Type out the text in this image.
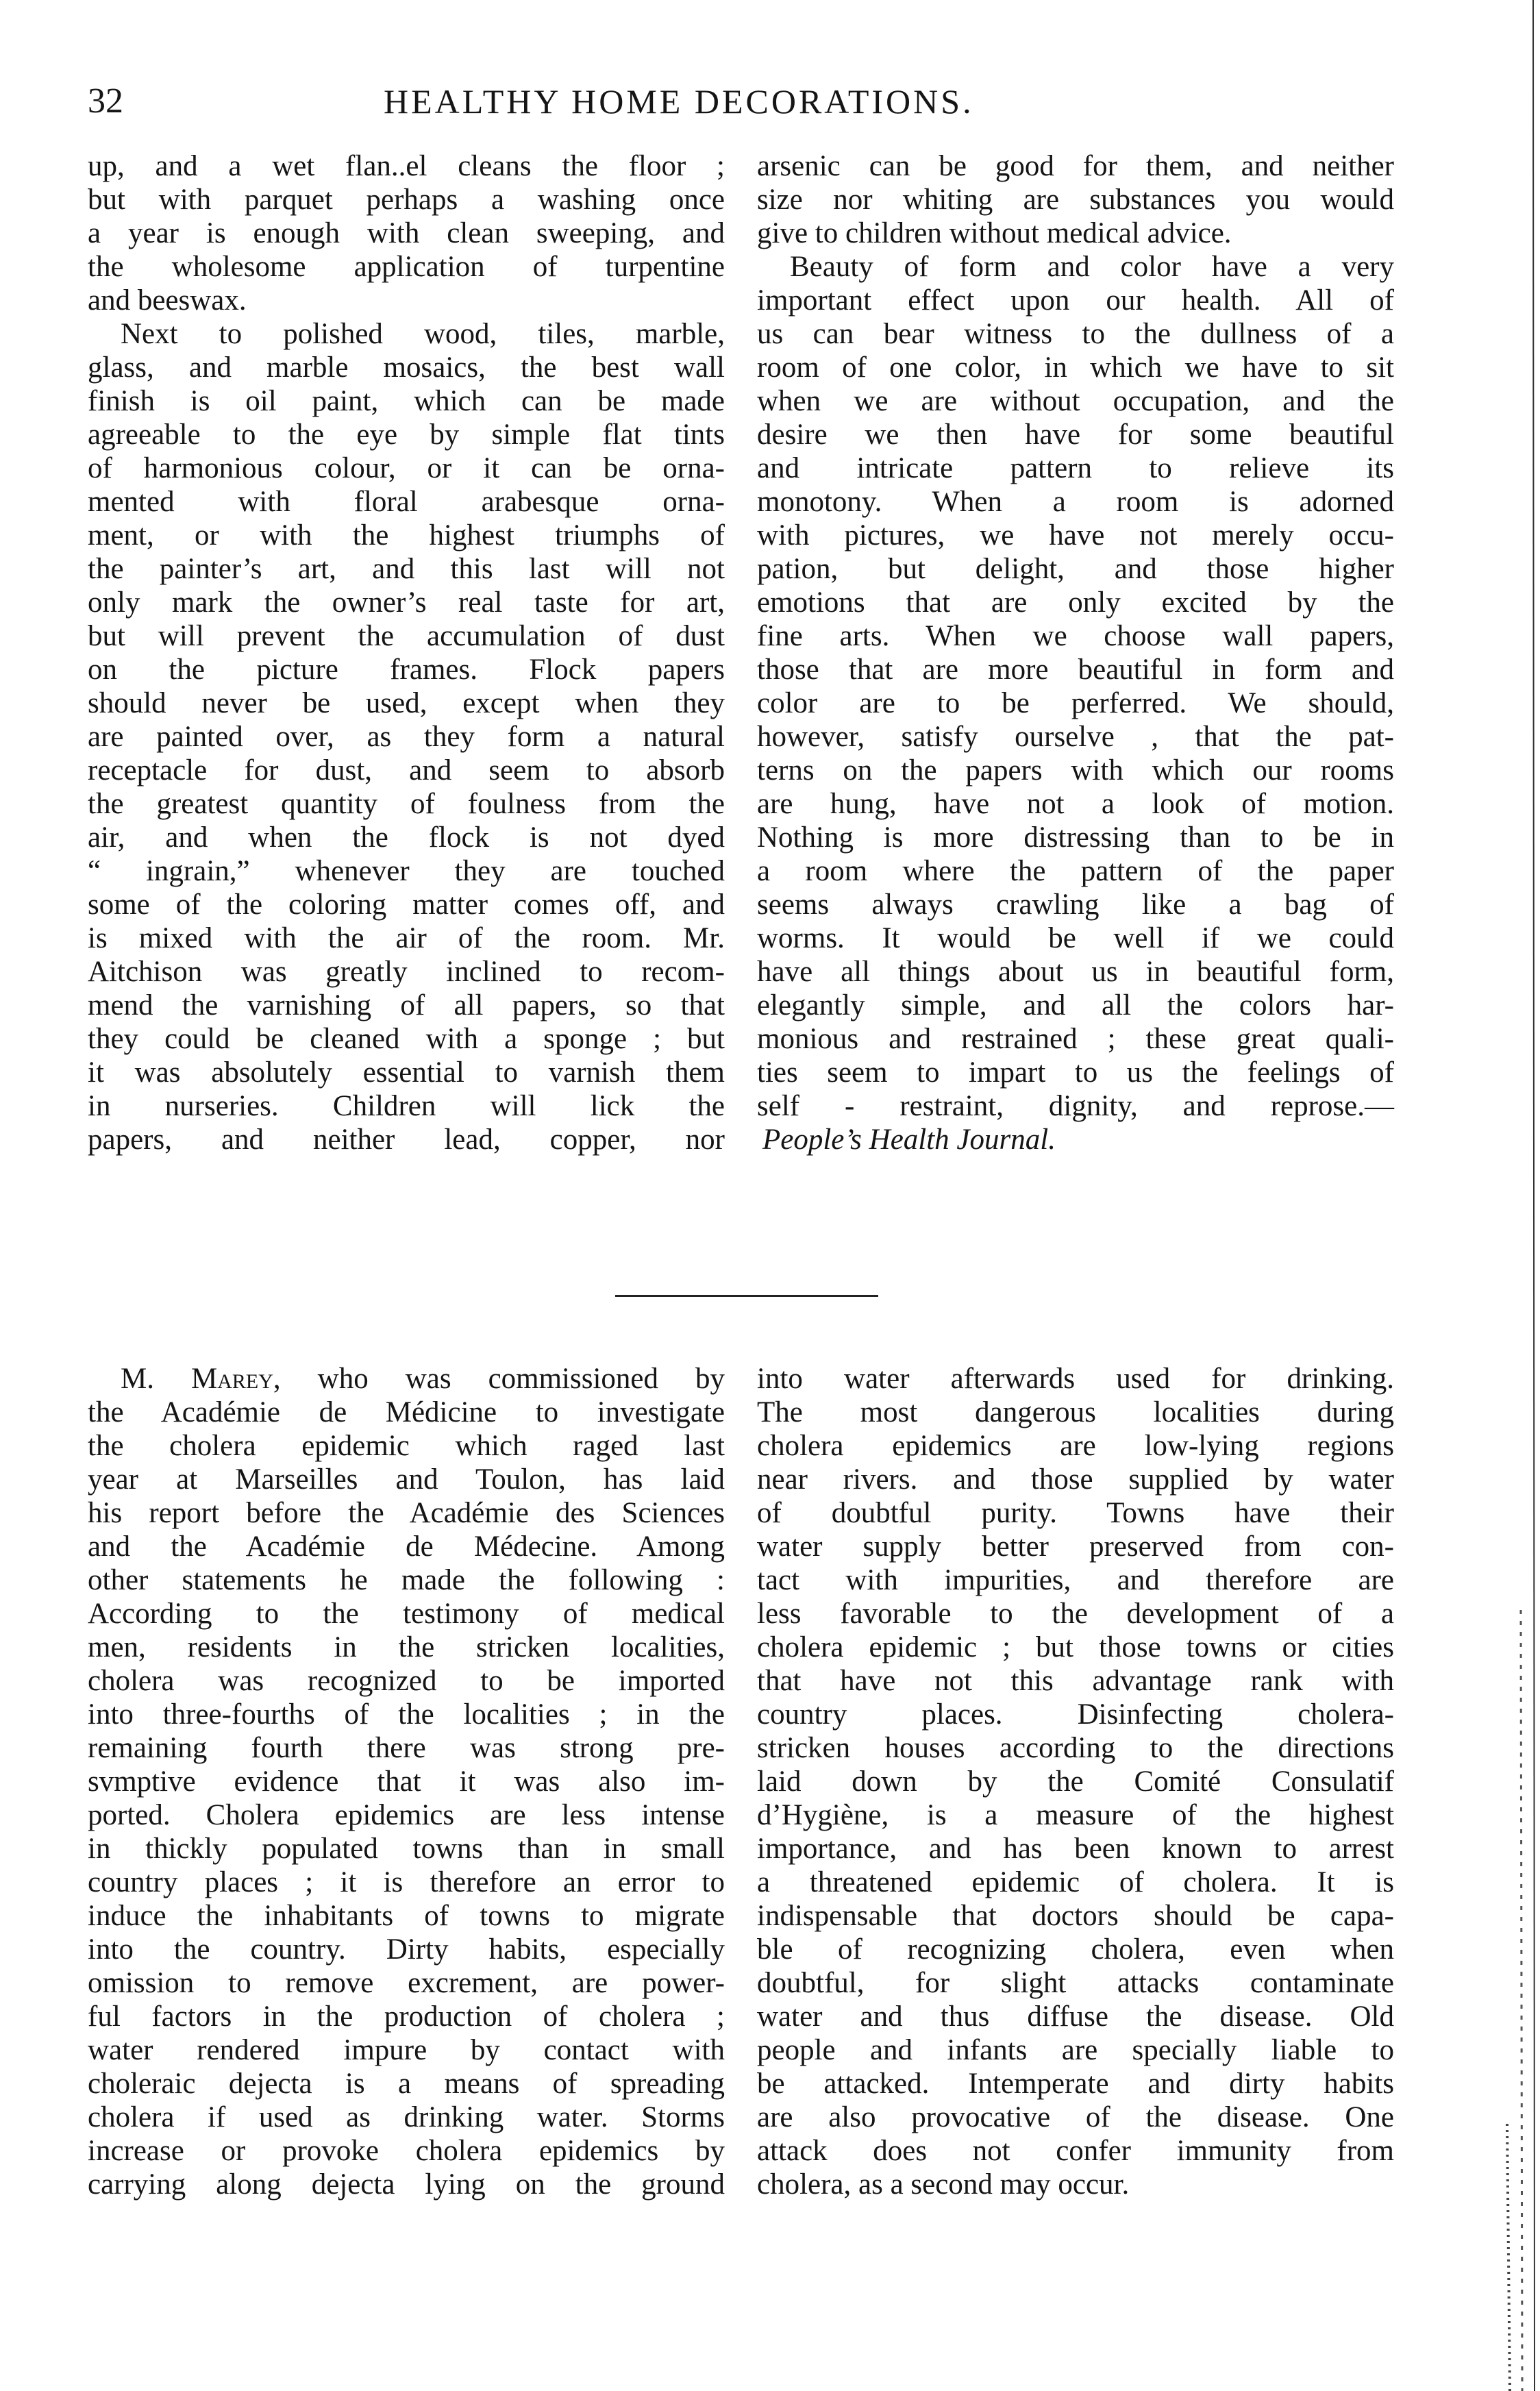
32	HEALTHY HOME DECORATIONS.
up, and a wet flan..el cleans the floor ;
but with parquet perhaps a washing once
a year is enough with clean sweeping, and
the wholesome application of turpentine
and beeswax.
Next to polished wood, tiles, marble,
glass, and marble mosaics, the best wall
finish is oil paint, which can be made
agreeable to the eye by simple flat tints
of harmonious colour, or it can be orna-
mented with floral arabesque orna-
ment, or with the highest triumphs of
the painter’s art, and this last will not
only mark the owner’s real taste for art,
but will prevent the accumulation of dust
on the picture frames. Flock papers
should never be used, except when they
are painted over, as they form a natural
receptacle for dust, and seem to absorb
the greatest quantity of foulness from the
air, and when the flock is not dyed
“ ingrain,” whenever they are touched
some of the coloring matter comes off, and
is mixed with the air of the room. Mr.
Aitchison was greatly inclined to recom-
mend the varnishing of all papers, so that
they could be cleaned with a sponge ; but
it was absolutely essential to varnish them
in nurseries. Children will lick the
papers, and neither lead, copper, nor
arsenic can be good for them, and neither
size nor whiting are substances you would
give to children without medical advice.
Beauty of form and color have a very
important effect upon our health. All of
us can bear witness to the dullness of a
room of one color, in which we have to sit
when we are without occupation, and the
desire we then have for some beautiful
and intricate pattern to relieve its
monotony. When a room is adorned
with pictures, we have not merely occu-
pation, but delight, and those higher
emotions that are only excited by the
fine arts. When we choose wall papers,
those that are more beautiful in form and
color are to be perferred. We should,
however, satisfy ourselve , that the pat-
terns on the papers with which our rooms
are hung, have not a look of motion.
Nothing is more distressing than to be in
a room where the pattern of the paper
seems always crawling like a bag of
worms. It would be well if we could
have all things about us in beautiful form,
elegantly simple, and all the colors har-
monious and restrained ; these great quali-
ties seem to impart to us the feelings of
self - restraint, dignity, and reprose.—
People’s Health Journal.
M. Marey, who was commissioned by
the Académie de Médicine to investigate
the cholera epidemic which raged last
year at Marseilles and Toulon, has laid
his report before the Académie des Sciences
and the Académie de Médecine. Among
other statements he made the following :
According to the testimony of medical
men, residents in the stricken localities,
cholera was recognized to be imported
into three-fourths of the localities ; in the
remaining fourth there was strong pre-
svmptive evidence that it was also im-
ported. Cholera epidemics are less intense
in thickly populated towns than in small
country places ; it is therefore an error to
induce the inhabitants of towns to migrate
into the country. Dirty habits, especially
omission to remove excrement, are power-
ful factors in the production of cholera ;
water rendered impure by contact with
choleraic dejecta is a means of spreading
cholera if used as drinking water. Storms
increase or provoke cholera epidemics by
carrying along dejecta lying on the ground
into water afterwards used for drinking.
The most dangerous localities during
cholera epidemics are low-lying regions
near rivers. and those supplied by water
of doubtful purity. Towns have their
water supply better preserved from con-
tact with impurities, and therefore are
less favorable to the development of a
cholera epidemic ; but those towns or cities
that have not this advantage rank with
country places. Disinfecting cholera-
stricken houses according to the directions
laid down by the Comité Consulatif
d’Hygiène, is a measure of the highest
importance, and has been known to arrest
a threatened epidemic of cholera. It is
indispensable that doctors should be capa-
ble of recognizing cholera, even when
doubtful, for slight attacks contaminate
water and thus diffuse the disease. Old
people and infants are specially liable to
be attacked. Intemperate and dirty habits
are also provocative of the disease. One
attack does not confer immunity from
cholera, as a second may occur.
